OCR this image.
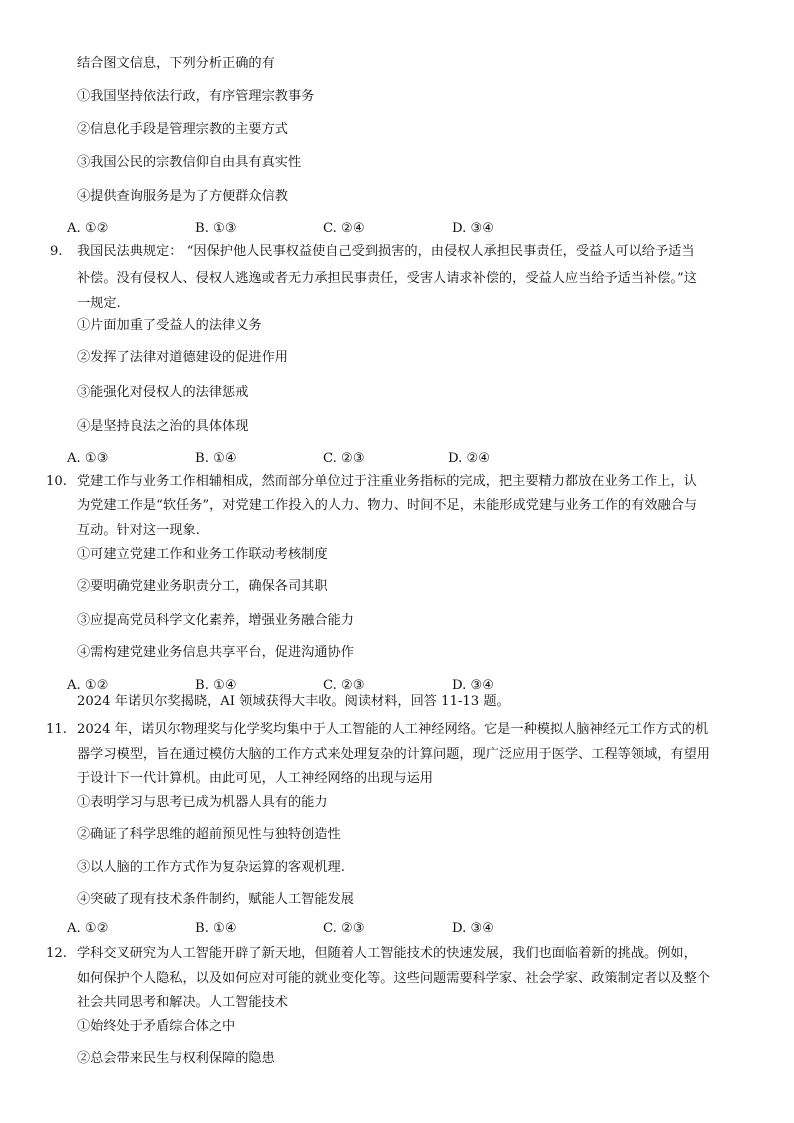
结合图文信息，下列分析正确的有
①我国坚持依法行政，有序管理宗教事务
②信息化手段是管理宗教的主要方式
③我国公民的宗教信仰自由具有真实性
④提供查询服务是为了方便群众信教
A. ①②	B. ①③	C. ②④	D. ③④
9. 我国民法典规定： “因保护他人民事权益使自己受到损害的，由侵权人承担民事责任，受益人可以给予适当
补偿。没有侵权人、侵权人逃逸或者无力承担民事责任，受害人请求补偿的，受益人应当给予适当补偿。”这
一规定.
①片面加重了受益人的法律义务
②发挥了法律对道德建设的促进作用
③能强化对侵权人的法律惩戒
④是坚持良法之治的具体体现
A. ①③	B. ①④	C. ②③	D. ②④
10. 党建工作与业务工作相辅相成，然而部分单位过于注重业务指标的完成，把主要精力都放在业务工作上，认
为党建工作是“软任务”，对党建工作投入的人力、物力、时间不足，未能形成党建与业务工作的有效融合与
互动。针对这一现象.
①可建立党建工作和业务工作联动考核制度
②要明确党建业务职责分工，确保各司其职
③应提高党员科学文化素养，增强业务融合能力
④需构建党建业务信息共享平台，促进沟通协作
A. ①②	B. ①④	C. ②③	D. ③④
2024 年诺贝尔奖揭晓，AI 领域获得大丰收。阅读材料，回答 11-13 题。
11. 2024 年，诺贝尔物理奖与化学奖均集中于人工智能的人工神经网络。它是一种模拟人脑神经元工作方式的机
器学习模型，旨在通过模仿大脑的工作方式来处理复杂的计算问题，现广泛应用于医学、工程等领域，有望用
于设计下一代计算机。由此可见，人工神经网络的出现与运用
①表明学习与思考已成为机器人具有的能力
②确证了科学思维的超前预见性与独特创造性
③以人脑的工作方式作为复杂运算的客观机理.
④突破了现有技术条件制约，赋能人工智能发展
A. ①②	B. ①④	C. ②③	D. ③④
12. 学科交叉研究为人工智能开辟了新天地，但随着人工智能技术的快速发展，我们也面临着新的挑战。例如，
如何保护个人隐私，以及如何应对可能的就业变化等。这些问题需要科学家、社会学家、政策制定者以及整个
社会共同思考和解决。人工智能技术
①始终处于矛盾综合体之中
②总会带来民生与权利保障的隐患
